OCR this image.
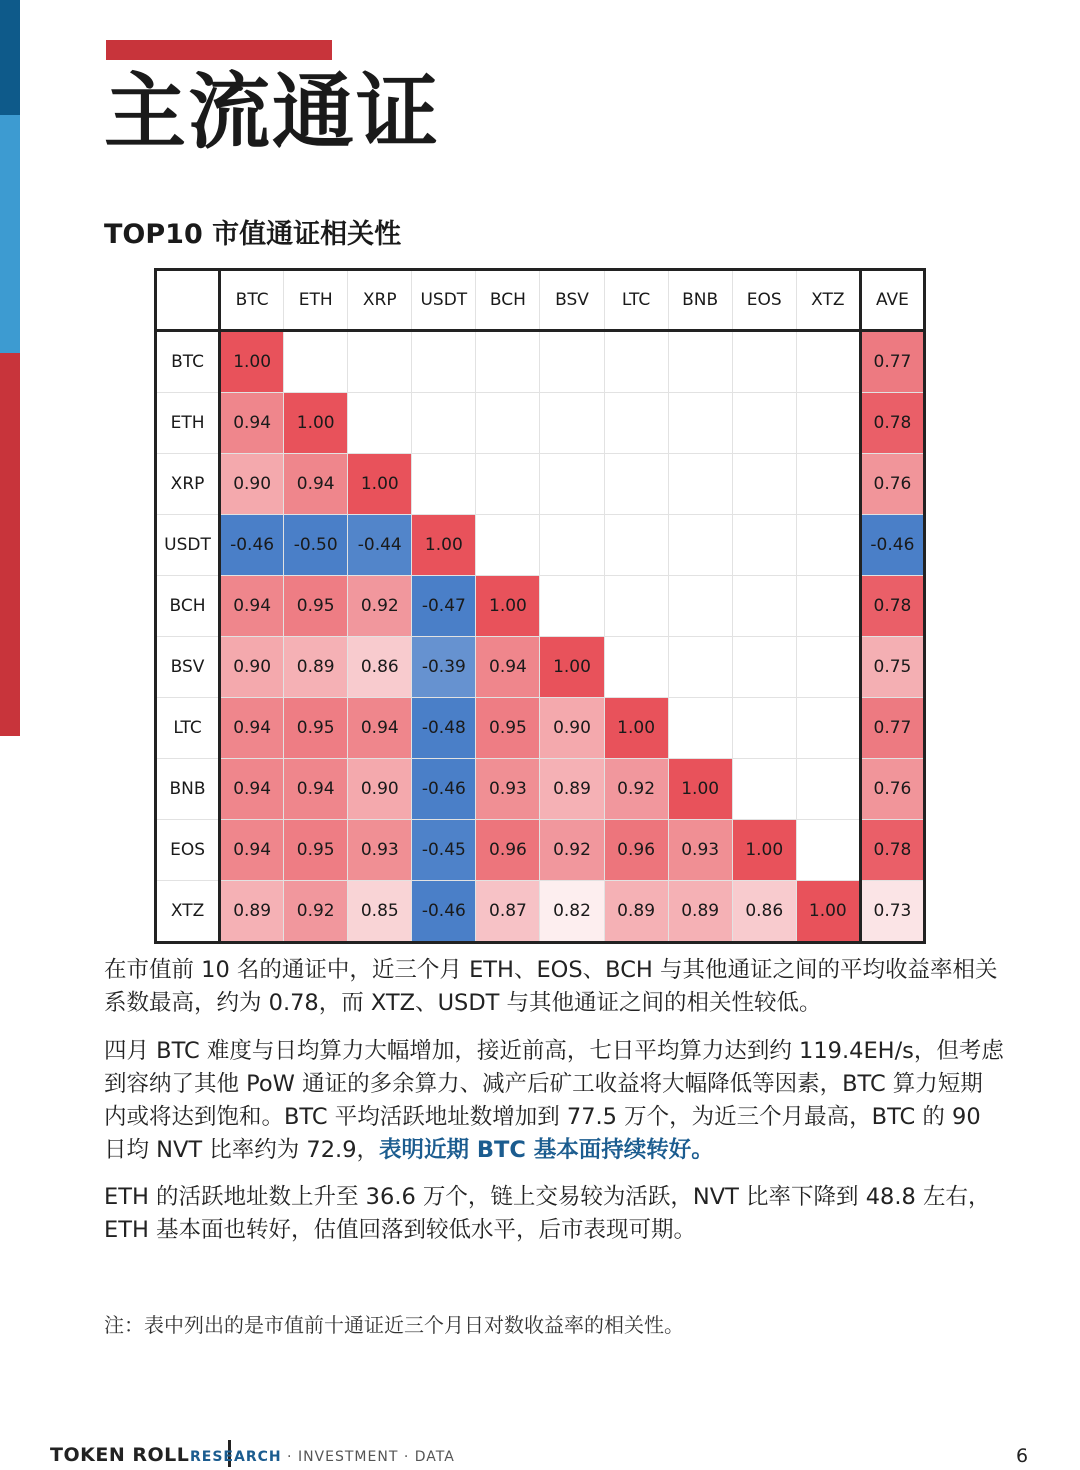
主流通证
TOP10 市值通证相关性
	BTC	ETH	XRP	USDT	BCH	BSV	LTC	BNB	EOS	XTZ	AVE
BTC	1.00										0.77
ETH	0.94	1.00									0.78
XRP	0.90	0.94	1.00								0.76
USDT	-0.46	-0.50	-0.44	1.00							-0.46
BCH	0.94	0.95	0.92	-0.47	1.00						0.78
BSV	0.90	0.89	0.86	-0.39	0.94	1.00					0.75
LTC	0.94	0.95	0.94	-0.48	0.95	0.90	1.00				0.77
BNB	0.94	0.94	0.90	-0.46	0.93	0.89	0.92	1.00			0.76
EOS	0.94	0.95	0.93	-0.45	0.96	0.92	0.96	0.93	1.00		0.78
XTZ	0.89	0.92	0.85	-0.46	0.87	0.82	0.89	0.89	0.86	1.00	0.73

在市值前 10 名的通证中，近三个月 ETH、EOS、BCH 与其他通证之间的平均收益率相关系数最高，约为 0.78，而 XTZ、USDT 与其他通证之间的相关性较低。

四月 BTC 难度与日均算力大幅增加，接近前高，七日平均算力达到约 119.4EH/s，但考虑到容纳了其他 PoW 通证的多余算力、减产后矿工收益将大幅降低等因素，BTC 算力短期内或将达到饱和。BTC 平均活跃地址数增加到 77.5 万个，为近三个月最高，BTC 的 90 日均 NVT 比率约为 72.9，表明近期 BTC 基本面持续转好。

ETH 的活跃地址数上升至 36.6 万个，链上交易较为活跃，NVT 比率下降到 48.8 左右，ETH 基本面也转好，估值回落到较低水平，后市表现可期。

注：表中列出的是市值前十通证近三个月日对数收益率的相关性。

TOKEN ROLL RESEARCH · INVESTMENT · DATA	6
